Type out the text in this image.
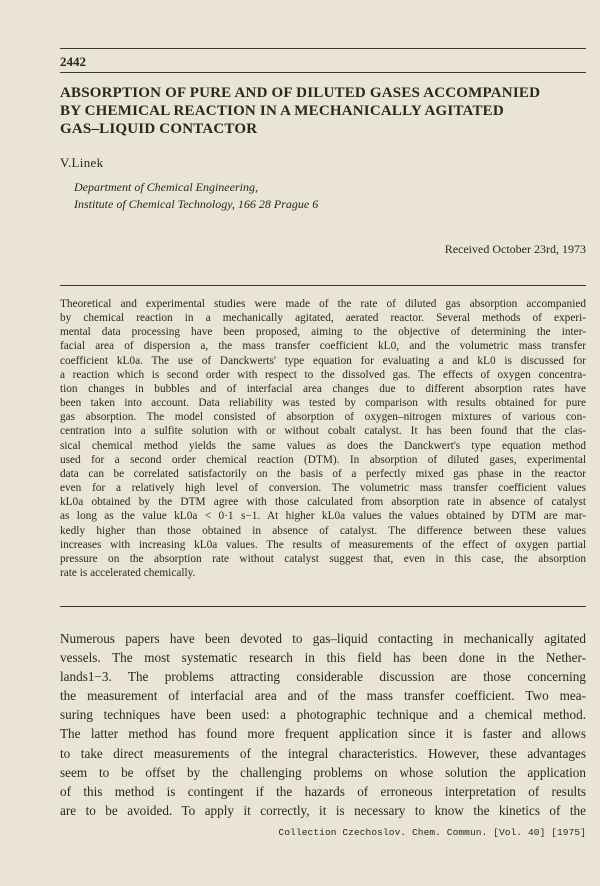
2442
ABSORPTION OF PURE AND OF DILUTED GASES ACCOMPANIED
BY CHEMICAL REACTION IN A MECHANICALLY AGITATED
GAS–LIQUID CONTACTOR
V.Linek
Department of Chemical Engineering,
Institute of Chemical Technology, 166 28 Prague 6
Received October 23rd, 1973
Theoretical and experimental studies were made of the rate of diluted gas absorption accompanied
by chemical reaction in a mechanically agitated, aerated reactor. Several methods of experi-
mental data processing have been proposed, aiming to the objective of determining the inter-
facial area of dispersion a, the mass transfer coefficient kL0, and the volumetric mass transfer
coefficient kL0a. The use of Danckwerts' type equation for evaluating a and kL0 is discussed for
a reaction which is second order with respect to the dissolved gas. The effects of oxygen concentra-
tion changes in bubbles and of interfacial area changes due to different absorption rates have
been taken into account. Data reliability was tested by comparison with results obtained for pure
gas absorption. The model consisted of absorption of oxygen–nitrogen mixtures of various con-
centration into a sulfite solution with or without cobalt catalyst. It has been found that the clas-
sical chemical method yields the same values as does the Danckwert's type equation method
used for a second order chemical reaction (DTM). In absorption of diluted gases, experimental
data can be correlated satisfactorily on the basis of a perfectly mixed gas phase in the reactor
even for a relatively high level of conversion. The volumetric mass transfer coefficient values
kL0a obtained by the DTM agree with those calculated from absorption rate in absence of catalyst
as long as the value kL0a < 0·1 s−1. At higher kL0a values the values obtained by DTM are mar-
kedly higher than those obtained in absence of catalyst. The difference between these values
increases with increasing kL0a values. The results of measurements of the effect of oxygen partial
pressure on the absorption rate without catalyst suggest that, even in this case, the absorption
rate is accelerated chemically.
Numerous papers have been devoted to gas–liquid contacting in mechanically agitated
vessels. The most systematic research in this field has been done in the Nether-
lands1−3. The problems attracting considerable discussion are those concerning
the measurement of interfacial area and of the mass transfer coefficient. Two mea-
suring techniques have been used: a photographic technique and a chemical method.
The latter method has found more frequent application since it is faster and allows
to take direct measurements of the integral characteristics. However, these advantages
seem to be offset by the challenging problems on whose solution the application
of this method is contingent if the hazards of erroneous interpretation of results
are to be avoided. To apply it correctly, it is necessary to know the kinetics of the
Collection Czechoslov. Chem. Commun. [Vol. 40] [1975]
